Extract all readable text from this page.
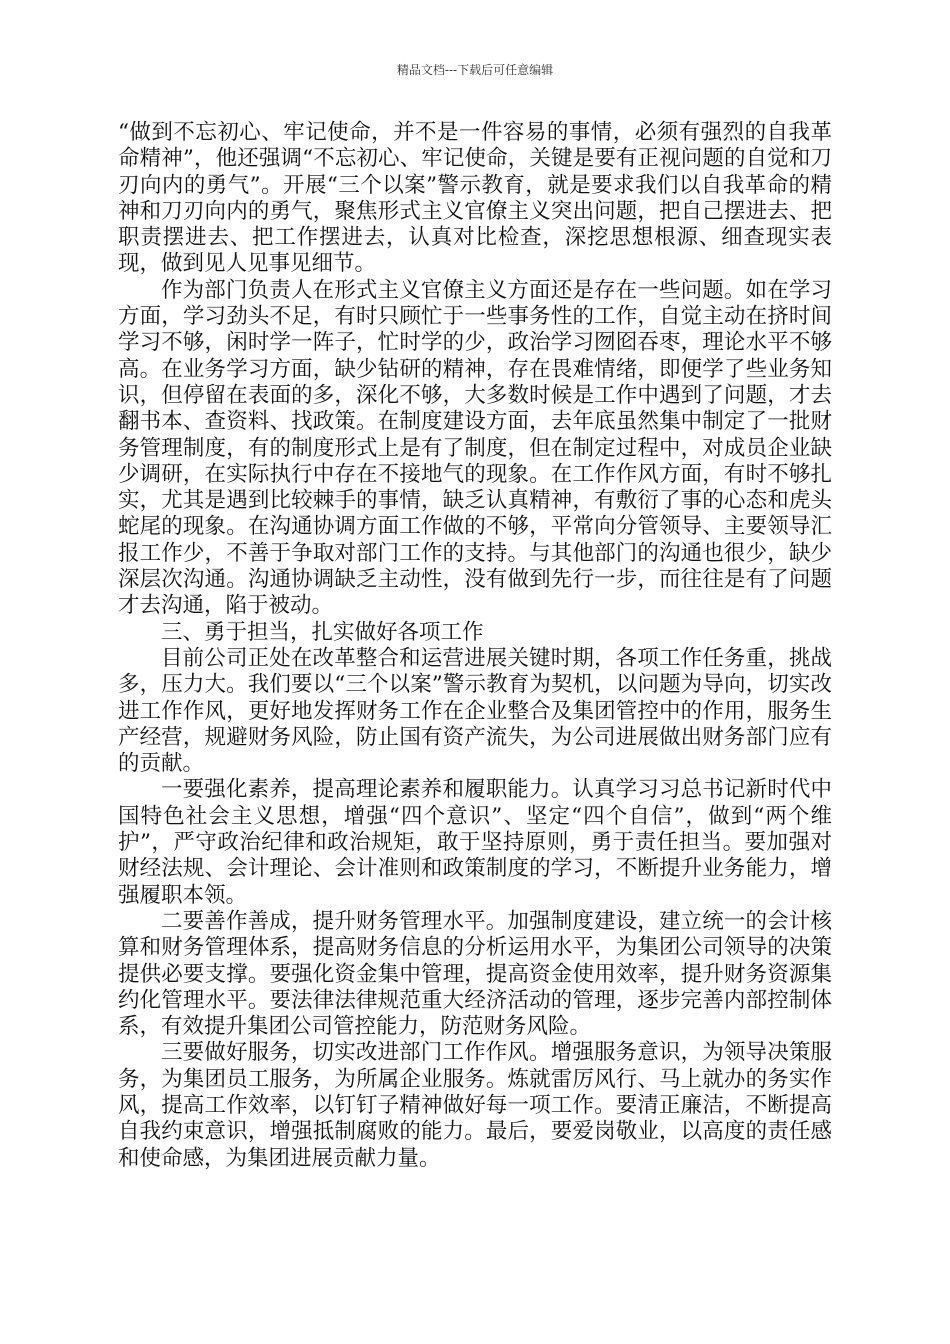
精品文档---下载后可任意编辑

“做到不忘初心、牢记使命，并不是一件容易的事情，必须有强烈的自我革命精神”，他还强调“不忘初心、牢记使命，关键是要有正视问题的自觉和刀刃向内的勇气”。开展“三个以案”警示教育，就是要求我们以自我革命的精神和刀刃向内的勇气，聚焦形式主义官僚主义突出问题，把自己摆进去、把职责摆进去、把工作摆进去，认真对比检查，深挖思想根源、细查现实表现，做到见人见事见细节。

作为部门负责人在形式主义官僚主义方面还是存在一些问题。如在学习方面，学习劲头不足，有时只顾忙于一些事务性的工作，自觉主动在挤时间学习不够，闲时学一阵子，忙时学的少，政治学习囫囵吞枣，理论水平不够高。在业务学习方面，缺少钻研的精神，存在畏难情绪，即便学了些业务知识，但停留在表面的多，深化不够，大多数时候是工作中遇到了问题，才去翻书本、查资料、找政策。在制度建设方面，去年底虽然集中制定了一批财务管理制度，有的制度形式上是有了制度，但在制定过程中，对成员企业缺少调研，在实际执行中存在不接地气的现象。在工作作风方面，有时不够扎实，尤其是遇到比较棘手的事情，缺乏认真精神，有敷衍了事的心态和虎头蛇尾的现象。在沟通协调方面工作做的不够，平常向分管领导、主要领导汇报工作少，不善于争取对部门工作的支持。与其他部门的沟通也很少，缺少深层次沟通。沟通协调缺乏主动性，没有做到先行一步，而往往是有了问题才去沟通，陷于被动。

三、勇于担当，扎实做好各项工作

目前公司正处在改革整合和运营进展关键时期，各项工作任务重，挑战多，压力大。我们要以“三个以案”警示教育为契机，以问题为导向，切实改进工作作风，更好地发挥财务工作在企业整合及集团管控中的作用，服务生产经营，规避财务风险，防止国有资产流失，为公司进展做出财务部门应有的贡献。

一要强化素养，提高理论素养和履职能力。认真学习习总书记新时代中国特色社会主义思想，增强“四个意识”、坚定“四个自信”，做到“两个维护”，严守政治纪律和政治规矩，敢于坚持原则，勇于责任担当。要加强对财经法规、会计理论、会计准则和政策制度的学习，不断提升业务能力，增强履职本领。

二要善作善成，提升财务管理水平。加强制度建设，建立统一的会计核算和财务管理体系，提高财务信息的分析运用水平，为集团公司领导的决策提供必要支撑。要强化资金集中管理，提高资金使用效率，提升财务资源集约化管理水平。要法律法律规范重大经济活动的管理，逐步完善内部控制体系，有效提升集团公司管控能力，防范财务风险。

三要做好服务，切实改进部门工作作风。增强服务意识，为领导决策服务，为集团员工服务，为所属企业服务。炼就雷厉风行、马上就办的务实作风，提高工作效率，以钉钉子精神做好每一项工作。要清正廉洁，不断提高自我约束意识，增强抵制腐败的能力。最后，要爱岗敬业，以高度的责任感和使命感，为集团进展贡献力量。
